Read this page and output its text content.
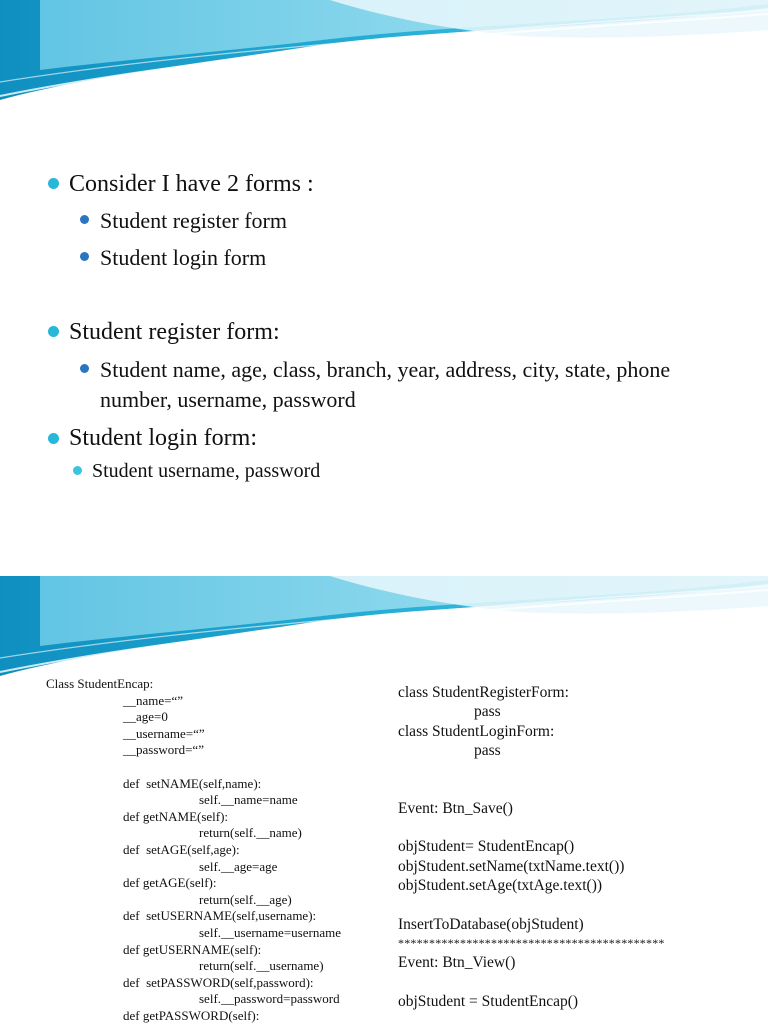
Consider I have 2 forms :
Student register form
Student login form
Student register form:
Student name, age, class, branch, year, address, city, state, phone number, username, password
Student login form:
Student username, password
Class StudentEncap:
__name=“”
__age=0
__username=“”
__password=“”
def  setNAME(self,name):
self.__name=name
def getNAME(self):
return(self.__name)
def  setAGE(self,age):
self.__age=age
def getAGE(self):
return(self.__age)
def  setUSERNAME(self,username):
self.__username=username
def getUSERNAME(self):
return(self.__username)
def  setPASSWORD(self,password):
self.__password=password
def getPASSWORD(self):
class StudentRegisterForm:
pass
class StudentLoginForm:
pass
Event: Btn_Save()
objStudent= StudentEncap()
objStudent.setName(txtName.text())
objStudent.setAge(txtAge.text())
InsertToDatabase(objStudent)
*******************************************
Event: Btn_View()
objStudent = StudentEncap()
